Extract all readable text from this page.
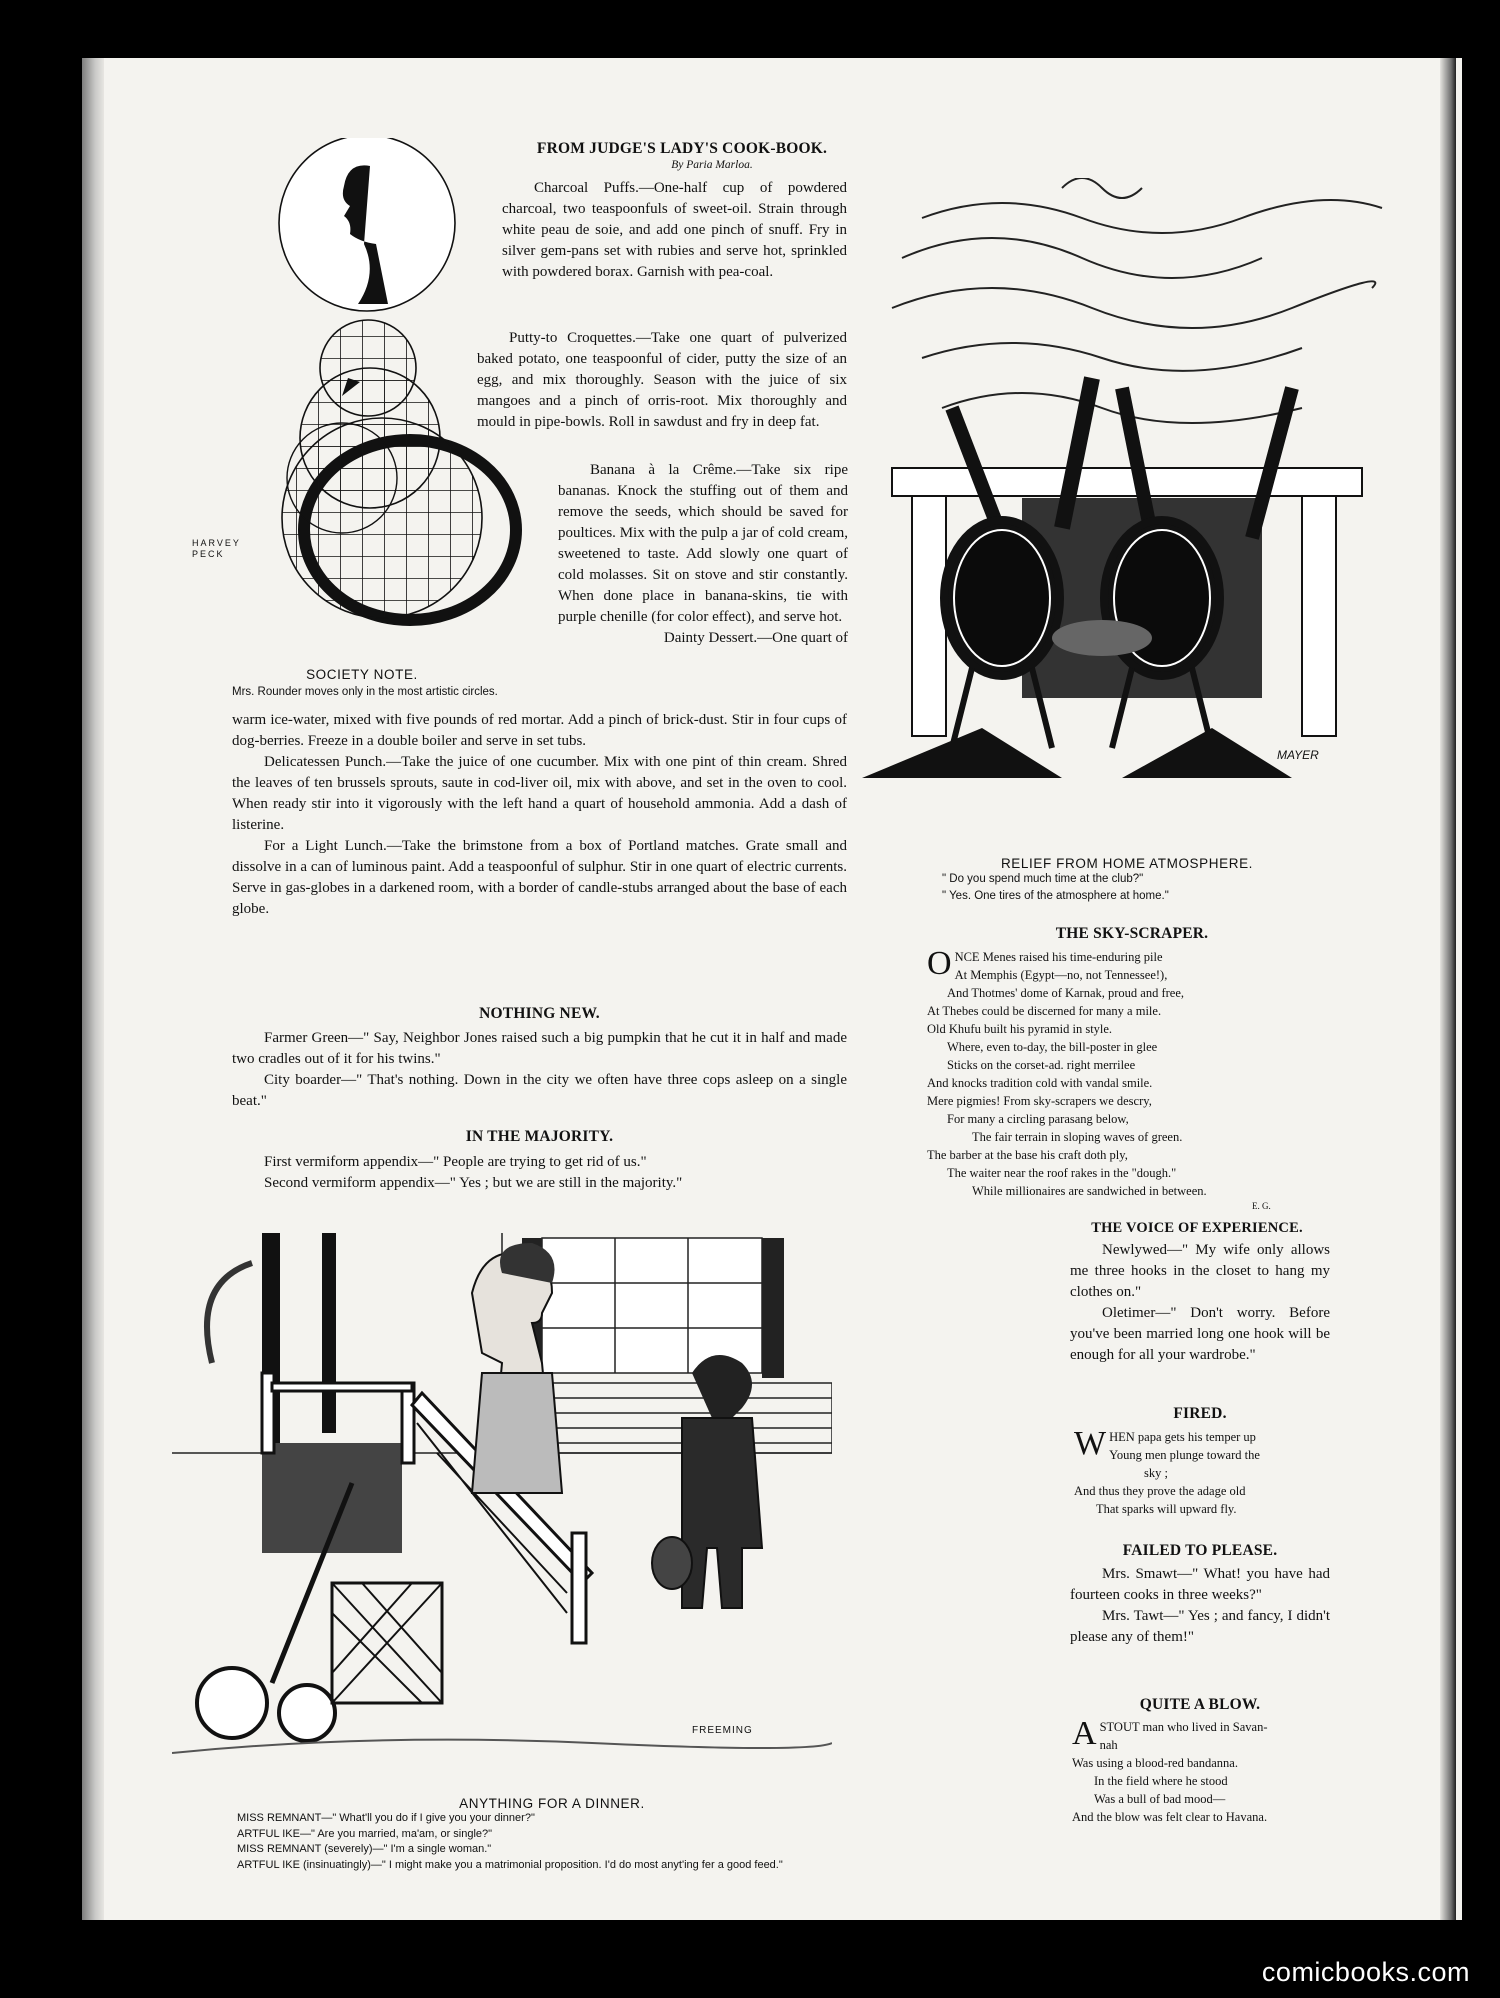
HARVEY PECK
SOCIETY NOTE.
Mrs. Rounder moves only in the most artistic circles.
FROM JUDGE'S LADY'S COOK-BOOK.
By Paria Marloa.

Charcoal Puffs.—One-half cup of powdered charcoal, two teaspoonfuls of sweet-oil. Strain through white peau de soie, and add one pinch of snuff. Fry in silver gem-pans set with rubies and serve hot, sprinkled with powdered borax. Garnish with pea-coal.

Putty-to Croquettes.—Take one quart of pulverized baked potato, one teaspoonful of cider, putty the size of an egg, and mix thoroughly. Season with the juice of six mangoes and a pinch of orris-root. Mix thoroughly and mould in pipe-bowls. Roll in sawdust and fry in deep fat.

Banana à la Crême.—Take six ripe bananas. Knock the stuffing out of them and remove the seeds, which should be saved for poultices. Mix with the pulp a jar of cold cream, sweetened to taste. Add slowly one quart of cold molasses. Sit on stove and stir constantly. When done place in banana-skins, tie with purple chenille (for color effect), and serve hot.

Dainty Dessert.—One quart of

warm ice-water, mixed with five pounds of red mortar. Add a pinch of brick-dust. Stir in four cups of dog-berries. Freeze in a double boiler and serve in set tubs.

Delicatessen Punch.—Take the juice of one cucumber. Mix with one pint of thin cream. Shred the leaves of ten brussels sprouts, saute in cod-liver oil, mix with above, and set in the oven to cool. When ready stir into it vigorously with the left hand a quart of household ammonia. Add a dash of listerine.

For a Light Lunch.—Take the brimstone from a box of Portland matches. Grate small and dissolve in a can of luminous paint. Add a teaspoonful of sulphur. Stir in one quart of electric currents. Serve in gas-globes in a darkened room, with a border of candle-stubs arranged about the base of each globe.

NOTHING NEW.

Farmer Green—" Say, Neighbor Jones raised such a big pumpkin that he cut it in half and made two cradles out of it for his twins."

City boarder—" That's nothing. Down in the city we often have three cops asleep on a single beat."

IN THE MAJORITY.

First vermiform appendix—" People are trying to get rid of us."

Second vermiform appendix—" Yes ; but we are still in the majority."

MAYER
RELIEF FROM HOME ATMOSPHERE.
" Do you spend much time at the club?"
" Yes. One tires of the atmosphere at home."
THE SKY-SCRAPER.
O NCE Menes raised his time-enduring pile

At Memphis (Egypt—no, not Tennessee!),

And Thotmes' dome of Karnak, proud and free,

At Thebes could be discerned for many a mile.

Old Khufu built his pyramid in style.

Where, even to-day, the bill-poster in glee

Sticks on the corset-ad. right merrilee

And knocks tradition cold with vandal smile.

Mere pigmies! From sky-scrapers we descry,

For many a circling parasang below,

The fair terrain in sloping waves of green.

The barber at the base his craft doth ply,

The waiter near the roof rakes in the "dough."

While millionaires are sandwiched in between.

E. G.

FREEMING
ANYTHING FOR A DINNER.
MISS REMNANT—" What'll you do if I give you your dinner?"
ARTFUL IKE—" Are you married, ma'am, or single?"
MISS REMNANT (severely)—" I'm a single woman."
ARTFUL IKE (insinuatingly)—" I might make you a matrimonial proposition. I'd do most anyt'ing fer a good feed."
THE VOICE OF EXPERIENCE.

Newlywed—" My wife only allows me three hooks in the closet to hang my clothes on."

Oletimer—" Don't worry. Before you've been married long one hook will be enough for all your wardrobe."

FIRED.
W HEN papa gets his temper up

Young men plunge toward the

sky ;

And thus they prove the adage old

That sparks will upward fly.

FAILED TO PLEASE.

Mrs. Smawt—" What! you have had fourteen cooks in three weeks?"

Mrs. Tawt—" Yes ; and fancy, I didn't please any of them!"

QUITE A BLOW.
A STOUT man who lived in Savan-

nah

Was using a blood-red bandanna.

In the field where he stood

Was a bull of bad mood—

And the blow was felt clear to Havana.

comicbooks.com
